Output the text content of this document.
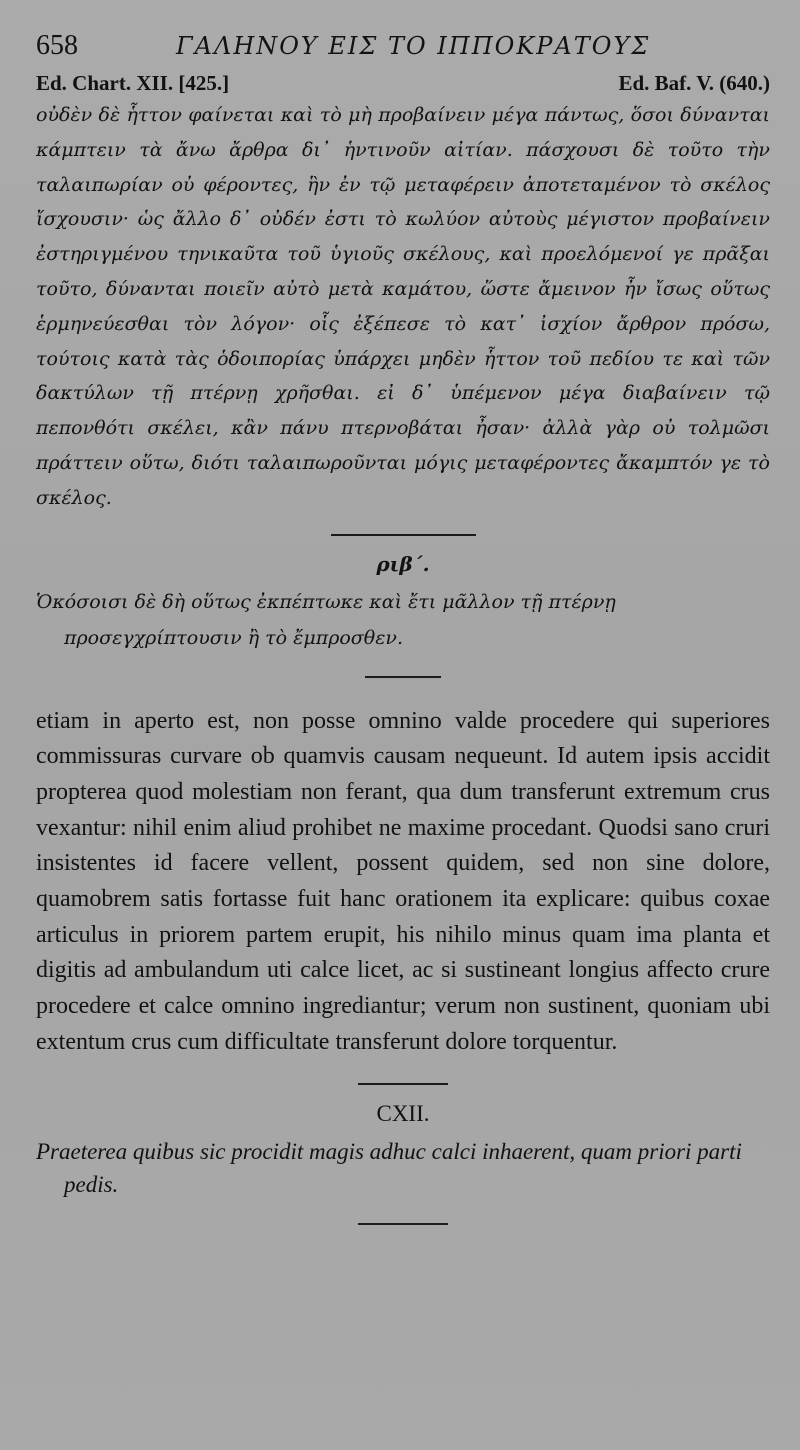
658	ΓΑΛΗΝΟΥ ΕΙΣ ΤΟ ΙΠΠΟΚΡΑΤΟΥΣ
Ed. Chart. XII. [425.]	Ed. Baf. V. (640.)

οὐδὲν δὲ ἧττον φαίνεται καὶ τὸ μὴ προβαίνειν μέγα πάντως, ὅσοι δύνανται κάμπτειν τὰ ἄνω ἄρθρα δι᾽ ἡντινοῦν αἰτίαν. πάσχουσι δὲ τοῦτο τὴν ταλαιπωρίαν οὐ φέροντες, ἣν ἐν τῷ μεταφέρειν ἀποτεταμένον τὸ σκέλος ἴσχουσιν· ὡς ἄλλο δ᾽ οὐδέν ἐστι τὸ κωλύον αὐτοὺς μέγιστον προβαίνειν ἐστηριγμένου τηνικαῦτα τοῦ ὑγιοῦς σκέλους, καὶ προελόμενοί γε πρᾶξαι τοῦτο, δύνανται ποιεῖν αὐτὸ μετὰ καμάτου, ὥστε ἄμεινον ἦν ἴσως οὕτως ἑρμηνεύεσθαι τὸν λόγον· οἷς ἐξέπεσε τὸ κατ᾽ ἰσχίον ἄρθρον πρόσω, τούτοις κατὰ τὰς ὁδοιπορίας ὑπάρχει μηδὲν ἧττον τοῦ πεδίου τε καὶ τῶν δακτύλων τῇ πτέρνῃ χρῆσθαι. εἰ δ᾽ ὑπέμενον μέγα διαβαίνειν τῷ πεπονθότι σκέλει, κἂν πάνυ πτερνοβάται ἦσαν· ἀλλὰ γὰρ οὐ τολμῶσι πράττειν οὕτω, διότι ταλαιπωροῦνται μόγις μεταφέροντες ἄκαμπτόν γε τὸ σκέλος.

ριβ΄.

Ὁκόσοισι δὲ δὴ οὕτως ἐκπέπτωκε καὶ ἔτι μᾶλλον τῇ πτέρνῃ προσεγχρίπτουσιν ἢ τὸ ἔμπροσθεν.

etiam in aperto est, non posse omnino valde procedere qui superiores commissuras curvare ob quamvis causam nequeunt. Id autem ipsis accidit propterea quod molestiam non ferant, qua dum transferunt extremum crus vexantur: nihil enim aliud prohibet ne maxime procedant. Quodsi sano cruri insistentes id facere vellent, possent quidem, sed non sine dolore, quamobrem satis fortasse fuit hanc orationem ita explicare: quibus coxae articulus in priorem partem erupit, his nihilo minus quam ima planta et digitis ad ambulandum uti calce licet, ac si sustineant longius affecto crure procedere et calce omnino ingrediantur; verum non sustinent, quoniam ubi extentum crus cum difficultate transferunt dolore torquentur.

CXII.

Praeterea quibus sic procidit magis adhuc calci inhaerent, quam priori parti pedis.
